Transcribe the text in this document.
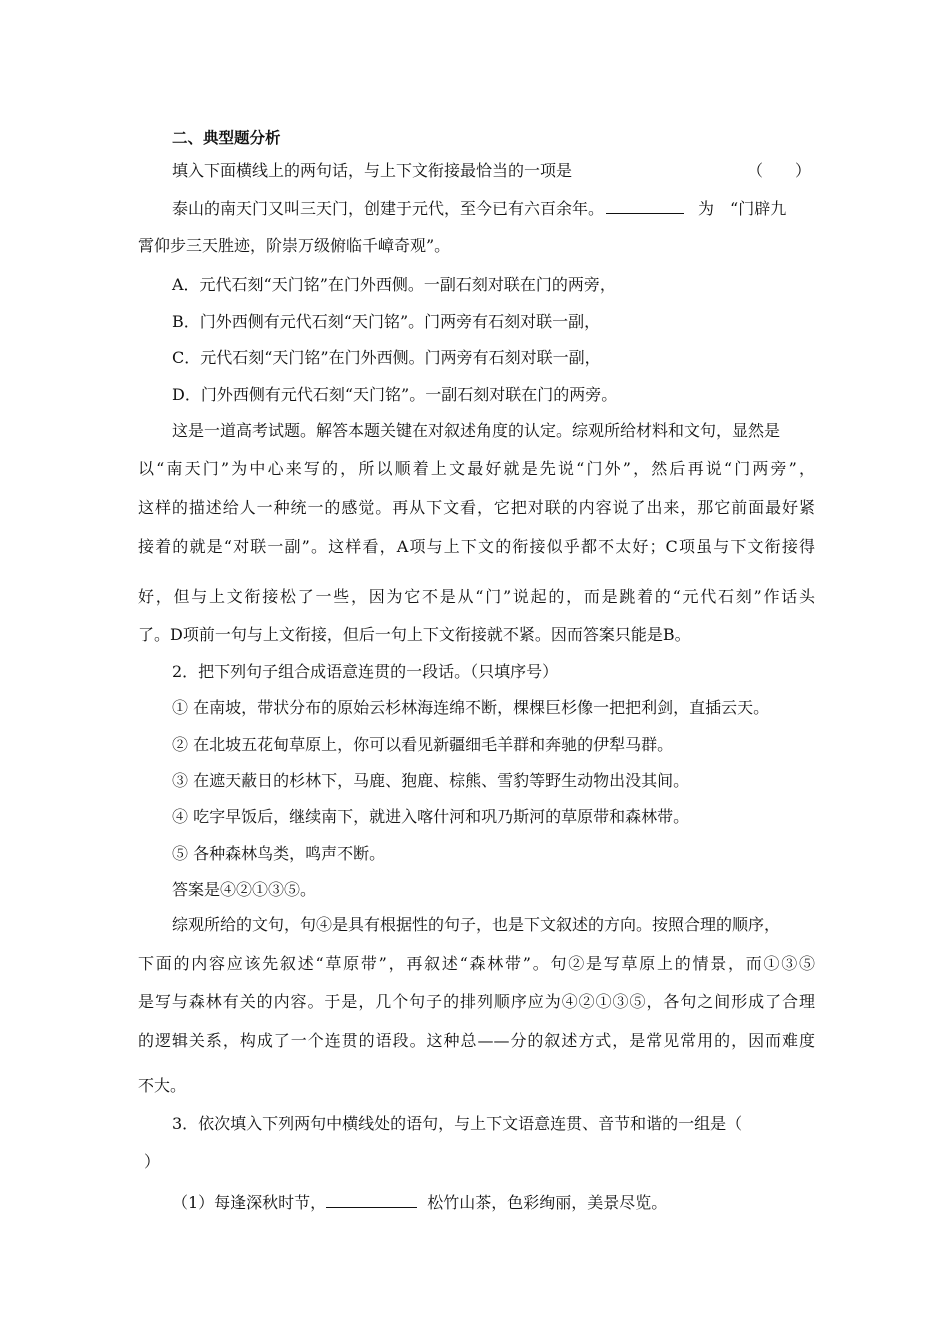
二、典型题分析
填入下面横线上的两句话，与上下文衔接最恰当的一项是	（　　）
泰山的南天门又叫三天门，创建于元代，至今已有六百余年。	为　“门辟九
霄仰步三天胜迹，阶崇万级俯临千嶂奇观”。
A．元代石刻“天门铭”在门外西侧。一副石刻对联在门的两旁，
B．门外西侧有元代石刻“天门铭”。门两旁有石刻对联一副，
C．元代石刻“天门铭”在门外西侧。门两旁有石刻对联一副，
D．门外西侧有元代石刻“天门铭”。一副石刻对联在门的两旁。
这是一道高考试题。解答本题关键在对叙述角度的认定。综观所给材料和文句，显然是
以“南天门”为中心来写的，所以顺着上文最好就是先说“门外”，然后再说“门两旁”，
这样的描述给人一种统一的感觉。再从下文看，它把对联的内容说了出来，那它前面最好紧
接着的就是“对联一副”。这样看，A项与上下文的衔接似乎都不太好；C项虽与下文衔接得
好，但与上文衔接松了一些，因为它不是从“门”说起的，而是跳着的“元代石刻”作话头
了。D项前一句与上文衔接，但后一句上下文衔接就不紧。因而答案只能是B。
2．把下列句子组合成语意连贯的一段话。（只填序号）
① 在南坡，带状分布的原始云杉林海连绵不断，棵棵巨杉像一把把利剑，直插云天。
② 在北坡五花甸草原上，你可以看见新疆细毛羊群和奔驰的伊犁马群。
③ 在遮天蔽日的杉林下，马鹿、狍鹿、棕熊、雪豹等野生动物出没其间。
④ 吃字早饭后，继续南下，就进入喀什河和巩乃斯河的草原带和森林带。
⑤ 各种森林鸟类，鸣声不断。
答案是④②①③⑤。
综观所给的文句，句④是具有根据性的句子，也是下文叙述的方向。按照合理的顺序，
下面的内容应该先叙述“草原带”，再叙述“森林带”。句②是写草原上的情景，而①③⑤
是写与森林有关的内容。于是，几个句子的排列顺序应为④②①③⑤，各句之间形成了合理
的逻辑关系，构成了一个连贯的语段。这种总——分的叙述方式，是常见常用的，因而难度
不大。
3．依次填入下列两句中横线处的语句，与上下文语意连贯、音节和谐的一组是（
）
（1）每逢深秋时节，	松竹山茶，色彩绚丽，美景尽览。
